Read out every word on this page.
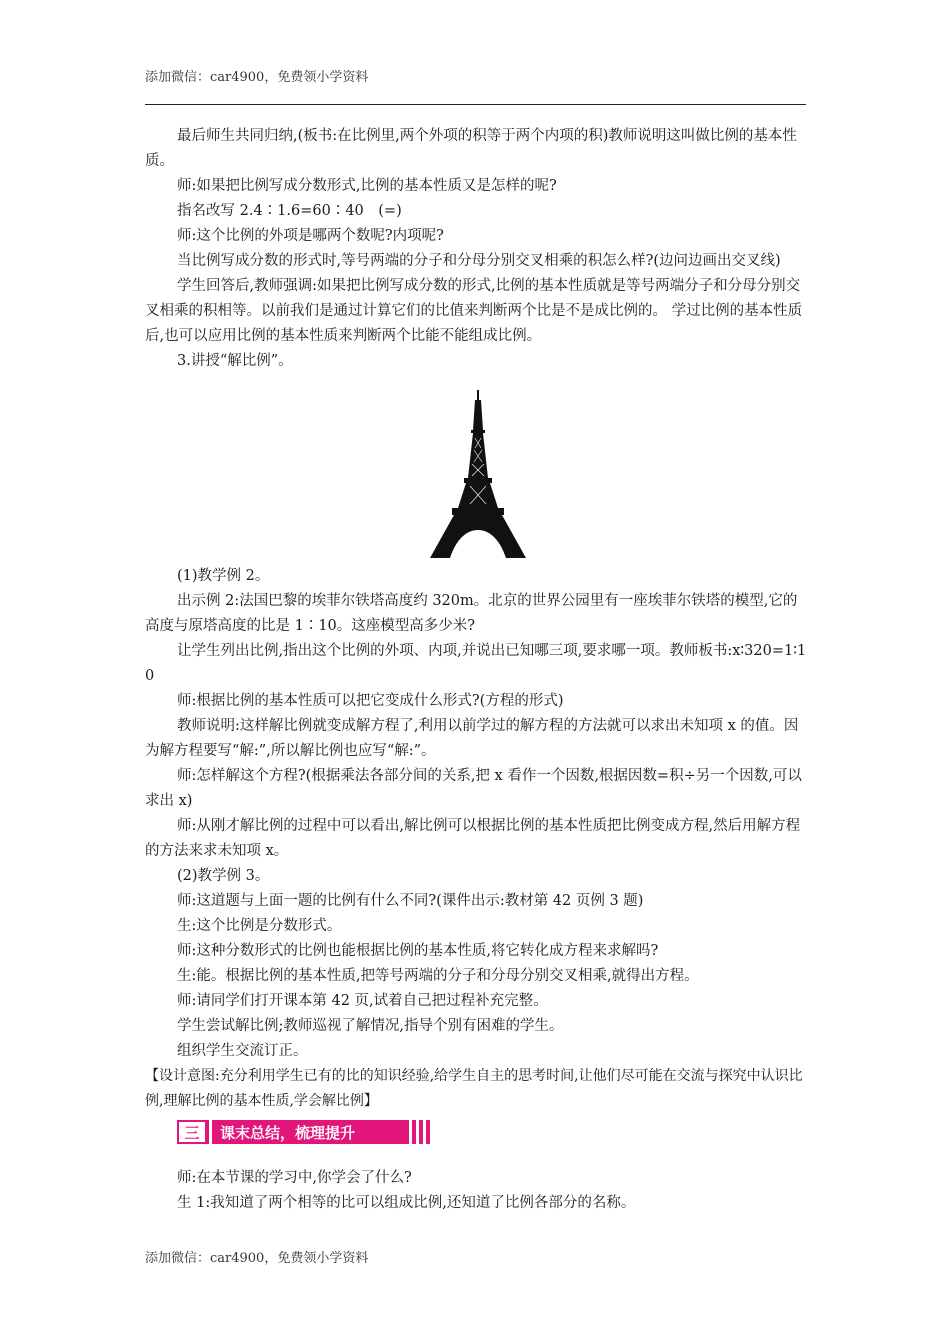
添加微信：car4900，免费领小学资料

最后师生共同归纳,(板书:在比例里,两个外项的积等于两个内项的积)教师说明这叫做比例的基本性质。

师:如果把比例写成分数形式,比例的基本性质又是怎样的呢?

指名改写 2.4∶1.6=60∶40　(=)

师:这个比例的外项是哪两个数呢?内项呢?

当比例写成分数的形式时,等号两端的分子和分母分别交叉相乘的积怎么样?(边问边画出交叉线)

学生回答后,教师强调:如果把比例写成分数的形式,比例的基本性质就是等号两端分子和分母分别交叉相乘的积相等。以前我们是通过计算它们的比值来判断两个比是不是成比例的。 学过比例的基本性质后,也可以应用比例的基本性质来判断两个比能不能组成比例。

3.讲授“解比例”。

(1)教学例 2。

出示例 2:法国巴黎的埃菲尔铁塔高度约 320m。北京的世界公园里有一座埃菲尔铁塔的模型,它的高度与原塔高度的比是 1∶10。这座模型高多少米?

让学生列出比例,指出这个比例的外项、内项,并说出已知哪三项,要求哪一项。教师板书:x∶320=1∶10

师:根据比例的基本性质可以把它变成什么形式?(方程的形式)

教师说明:这样解比例就变成解方程了,利用以前学过的解方程的方法就可以求出未知项 x 的值。因为解方程要写“解:”,所以解比例也应写“解:”。

师:怎样解这个方程?(根据乘法各部分间的关系,把 x 看作一个因数,根据因数=积÷另一个因数,可以求出 x)

师:从刚才解比例的过程中可以看出,解比例可以根据比例的基本性质把比例变成方程,然后用解方程的方法来求未知项 x。

(2)教学例 3。

师:这道题与上面一题的比例有什么不同?(课件出示:教材第 42 页例 3 题)

生:这个比例是分数形式。

师:这种分数形式的比例也能根据比例的基本性质,将它转化成方程来求解吗?

生:能。根据比例的基本性质,把等号两端的分子和分母分别交叉相乘,就得出方程。

师:请同学们打开课本第 42 页,试着自己把过程补充完整。

学生尝试解比例;教师巡视了解情况,指导个别有困难的学生。

组织学生交流订正。

【设计意图:充分利用学生已有的比的知识经验,给学生自主的思考时间,让他们尽可能在交流与探究中认识比例,理解比例的基本性质,学会解比例】

三	课末总结，梳理提升

师:在本节课的学习中,你学会了什么?

生 1:我知道了两个相等的比可以组成比例,还知道了比例各部分的名称。

添加微信：car4900，免费领小学资料
